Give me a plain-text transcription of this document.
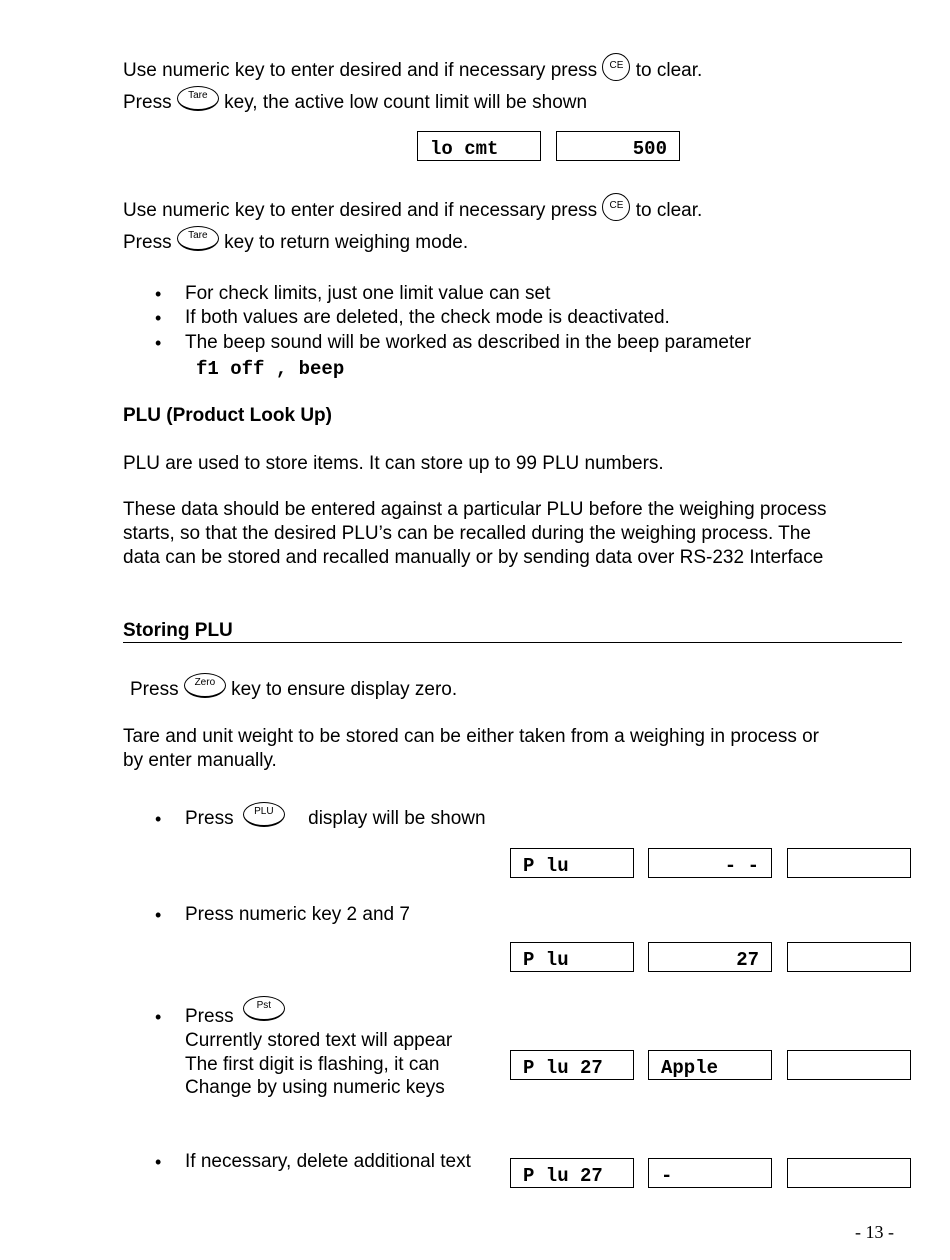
Use numeric key to enter desired and if necessary press CE to clear.
Press Tare key, the active low count limit will be shown
lo cmt	500
Use numeric key to enter desired and if necessary press CE to clear.
Press Tare key to return weighing mode.
• For check limits, just one limit value can set
• If both values are deleted, the check mode is deactivated.
• The beep sound will be worked as described in the beep parameter
f1 off , beep
PLU (Product Look Up)
PLU are used to store items. It can store up to 99 PLU numbers.
These data should be entered against a particular PLU before the weighing process
starts, so that the desired PLU’s can be recalled during the weighing process. The
data can be stored and recalled manually or by sending data over RS-232 Interface
Storing PLU
Press Zero key to ensure display zero.
Tare and unit weight to be stored can be either taken from a weighing in process or
by enter manually.
• Press PLU display will be shown
P lu	- -
• Press numeric key 2 and 7
P lu	27
• Press Pst
Currently stored text will appear
The first digit is flashing, it can
Change by using numeric keys
P lu 27	Apple
• If necessary, delete additional text
P lu 27	-
- 13 -
